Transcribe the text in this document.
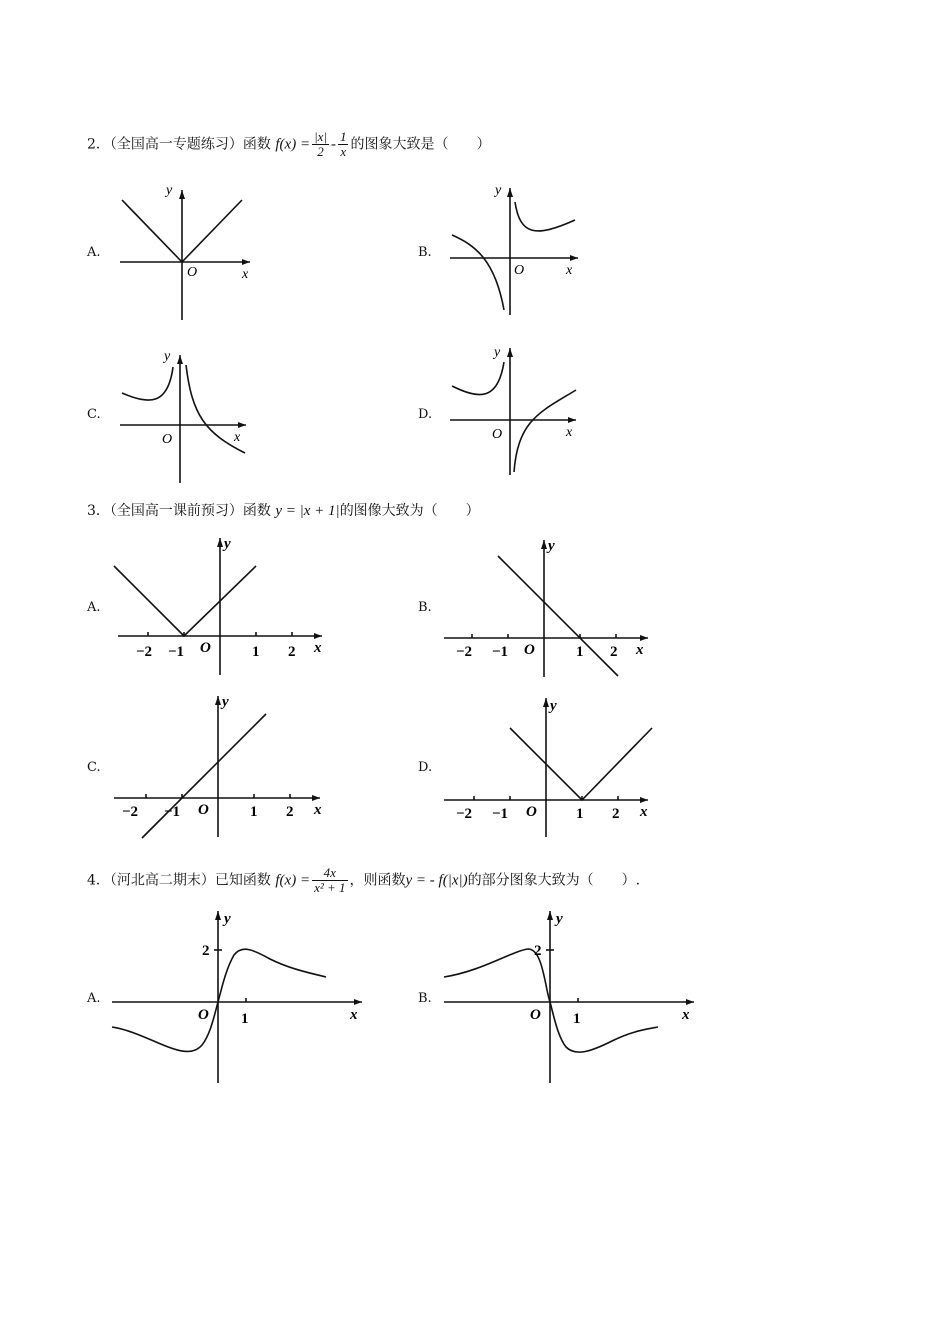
2．（全国高一专题练习）函数 $f(x) = \frac{|x|}{2} - \frac{1}{x}$ 的图象大致是（　　）
A.
y
x
O
B.
y
x
O
C.
y
x
O
D.
y
x
O
3．（全国高一课前预习）函数 y = |x + 1|的图像大致为（　　）
A.
y
x
O
−2 −1	1 2
B.
y
x
O
−2 −1	1 2
C.
y
x
O
−2 −1	1 2
D.
y
x
O
−2 −1	1 2
4．（河北高二期末）已知函数 $f(x) = \frac{4x}{\text{x² + 1}}$ ，则函数y = - f(|x|)的部分图象大致为（　　）.
A.
y
x
O
2
1
B.
y
x
O
2
1
